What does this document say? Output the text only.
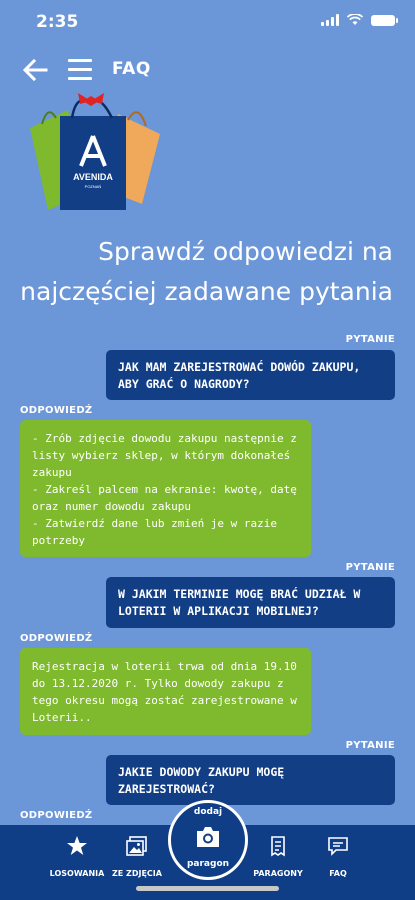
2:35
FAQ
AVENIDA
POZNAŃ
Sprawdź odpowiedzi na najczęściej zadawane pytania
PYTANIE
JAK MAM ZAREJESTROWAĆ DOWÓD ZAKUPU, ABY GRAĆ O NAGRODY?
ODPOWIEDŹ
- Zrób zdjęcie dowodu zakupu następnie z listy wybierz sklep, w którym dokonałeś zakupu
- Zakreśl palcem na ekranie: kwotę, datę oraz numer dowodu zakupu
- Zatwierdź dane lub zmień je w razie potrzeby
PYTANIE
W JAKIM TERMINIE MOGĘ BRAĆ UDZIAŁ W LOTERII W APLIKACJI MOBILNEJ?
ODPOWIEDŹ
Rejestracja w loterii trwa od dnia 19.10 do 13.12.2020 r. Tylko dowody zakupu z tego okresu mogą zostać zarejestrowane w Loterii..
PYTANIE
JAKIE DOWODY ZAKUPU MOGĘ ZAREJESTROWAĆ?
ODPOWIEDŹ
LOSOWANIA ZE ZDJĘCIA	PARAGONY	FAQ
dodaj
paragon
